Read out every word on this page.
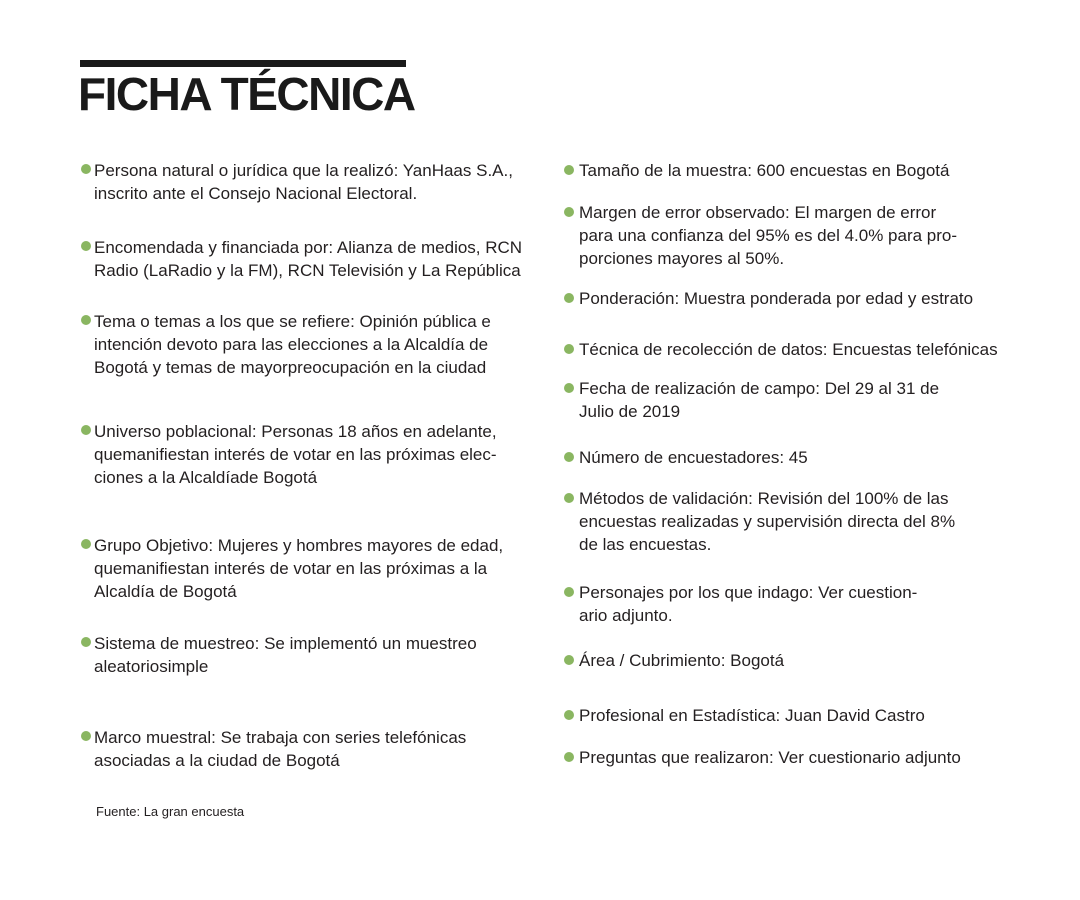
FICHA TÉCNICA
Persona natural o jurídica que la realizó: YanHaas S.A.,
inscrito ante el Consejo Nacional Electoral.
Encomendada y financiada por: Alianza de medios, RCN
Radio (LaRadio y la FM), RCN Televisión y La República
Tema o temas a los que se refiere: Opinión pública e
intención devoto para las elecciones a la Alcaldía de
Bogotá y temas de mayorpreocupación en la ciudad
Universo poblacional: Personas 18 años en adelante,
quemanifiestan interés de votar en las próximas elec-
ciones a la Alcaldíade Bogotá
Grupo Objetivo: Mujeres y hombres mayores de edad,
quemanifiestan interés de votar en las próximas a la
Alcaldía de Bogotá
Sistema de muestreo: Se implementó un muestreo
aleatoriosimple
Marco muestral: Se trabaja con series telefónicas
asociadas a la ciudad de Bogotá
Tamaño de la muestra: 600 encuestas en Bogotá
Margen de error observado: El margen de error
para una confianza del 95% es del 4.0% para pro-
porciones mayores al 50%.
Ponderación: Muestra ponderada por edad y estrato
Técnica de recolección de datos: Encuestas telefónicas
Fecha de realización de campo: Del 29 al 31 de
Julio de 2019
Número de encuestadores: 45
Métodos de validación: Revisión del 100% de las
encuestas realizadas y supervisión directa del 8%
de las encuestas.
Personajes por los que indago: Ver cuestion-
ario adjunto.
Área / Cubrimiento: Bogotá
Profesional en Estadística: Juan David Castro
Preguntas que realizaron: Ver cuestionario adjunto
Fuente: La gran encuesta
